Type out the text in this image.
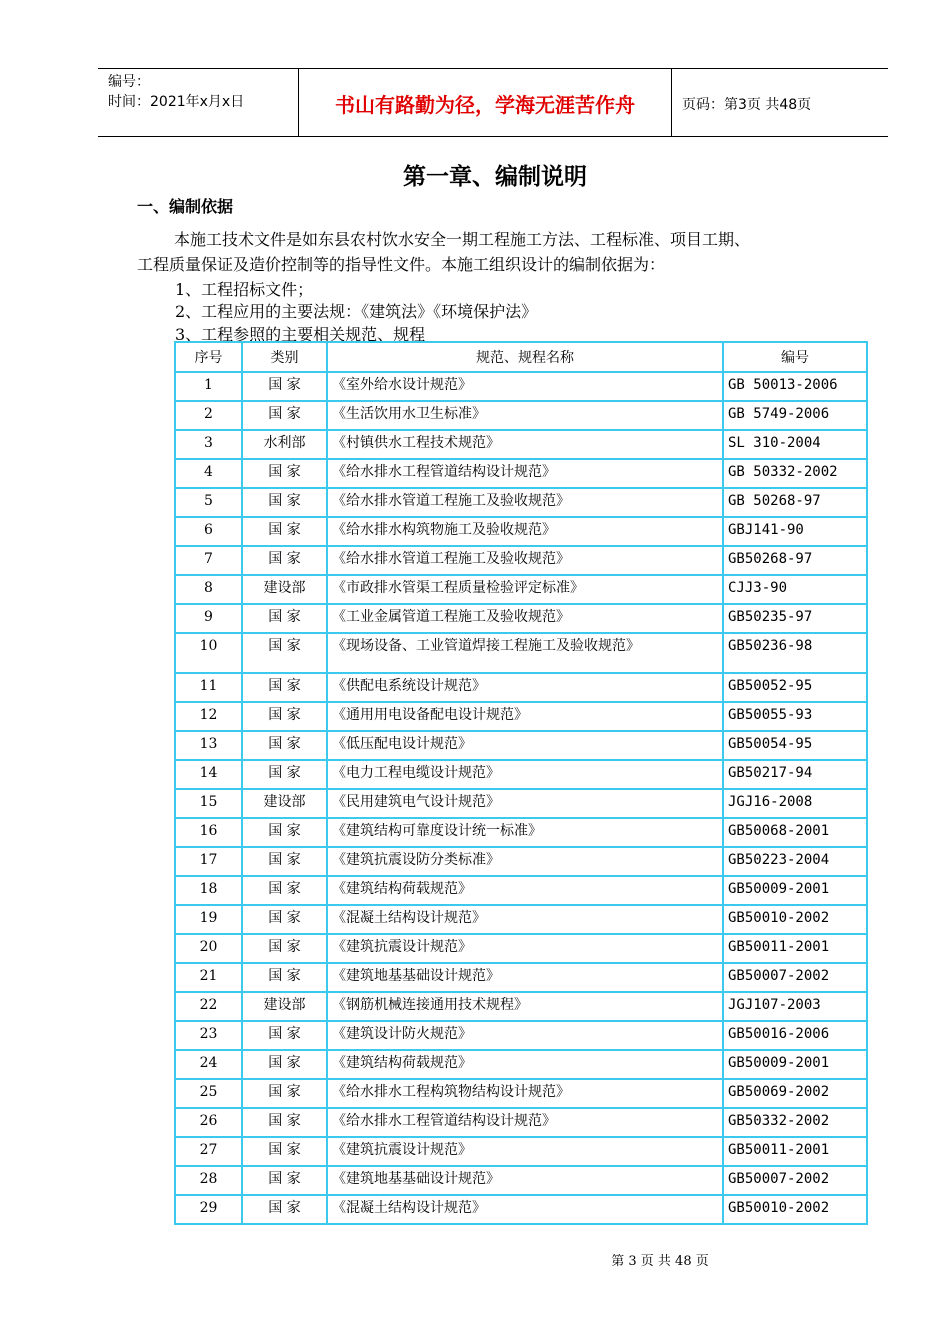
编号：
时间：2021年x月x日	书山有路勤为径，学海无涯苦作舟	页码：第3页 共48页
第一章、编制说明
一、编制依据
本施工技术文件是如东县农村饮水安全一期工程施工方法、工程标准、项目工期、
工程质量保证及造价控制等的指导性文件。本施工组织设计的编制依据为：
1、工程招标文件；
2、工程应用的主要法规：《建筑法》《环境保护法》
3、工程参照的主要相关规范、规程
序号	类别	规范、规程名称	编号
1	国 家	《室外给水设计规范》	GB 50013-2006
2	国 家	《生活饮用水卫生标准》	GB 5749-2006
3	水利部	《村镇供水工程技术规范》	SL 310-2004
4	国 家	《给水排水工程管道结构设计规范》	GB 50332-2002
5	国 家	《给水排水管道工程施工及验收规范》	GB 50268-97
6	国 家	《给水排水构筑物施工及验收规范》	GBJ141-90
7	国 家	《给水排水管道工程施工及验收规范》	GB50268-97
8	建设部	《市政排水管渠工程质量检验评定标准》	CJJ3-90
9	国 家	《工业金属管道工程施工及验收规范》	GB50235-97
10	国 家	《现场设备、工业管道焊接工程施工及验收规范》	GB50236-98
11	国 家	《供配电系统设计规范》	GB50052-95
12	国 家	《通用用电设备配电设计规范》	GB50055-93
13	国 家	《低压配电设计规范》	GB50054-95
14	国 家	《电力工程电缆设计规范》	GB50217-94
15	建设部	《民用建筑电气设计规范》	JGJ16-2008
16	国 家	《建筑结构可靠度设计统一标准》	GB50068-2001
17	国 家	《建筑抗震设防分类标准》	GB50223-2004
18	国 家	《建筑结构荷载规范》	GB50009-2001
19	国 家	《混凝土结构设计规范》	GB50010-2002
20	国 家	《建筑抗震设计规范》	GB50011-2001
21	国 家	《建筑地基基础设计规范》	GB50007-2002
22	建设部	《钢筋机械连接通用技术规程》	JGJ107-2003
23	国 家	《建筑设计防火规范》	GB50016-2006
24	国 家	《建筑结构荷载规范》	GB50009-2001
25	国 家	《给水排水工程构筑物结构设计规范》	GB50069-2002
26	国 家	《给水排水工程管道结构设计规范》	GB50332-2002
27	国 家	《建筑抗震设计规范》	GB50011-2001
28	国 家	《建筑地基基础设计规范》	GB50007-2002
29	国 家	《混凝土结构设计规范》	GB50010-2002
第 3 页 共 48 页
